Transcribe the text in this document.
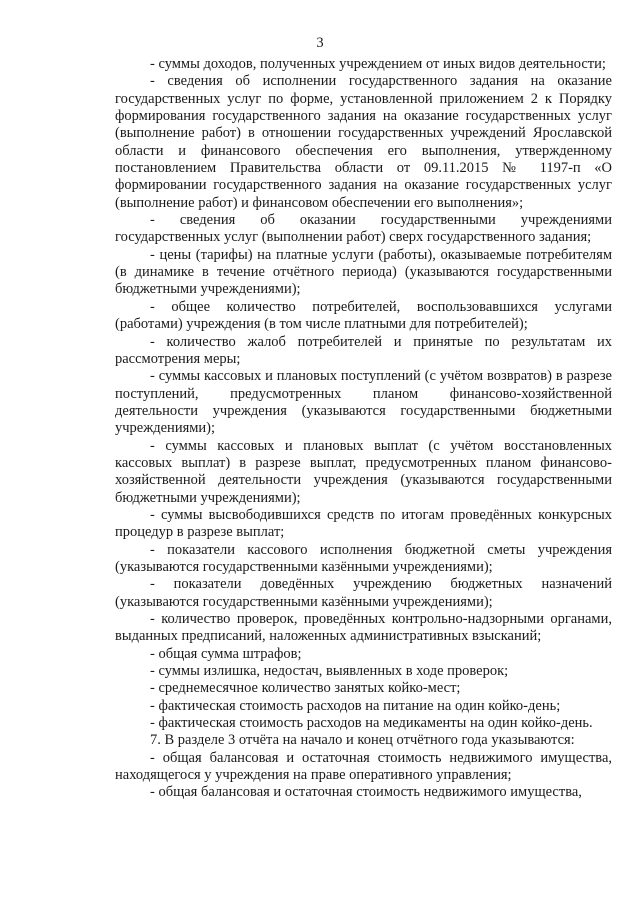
3

- суммы доходов, полученных учреждением от иных видов деятельности;

- сведения об исполнении государственного задания на оказание государственных услуг по форме, установленной приложением 2 к Порядку формирования государственного задания на оказание государственных услуг (выполнение работ) в отношении государственных учреждений Ярославской области и финансового обеспечения его выполнения, утвержденному постановлением Правительства области от 09.11.2015 № 1197-п «О формировании государственного задания на оказание государственных услуг (выполнение работ) и финансовом обеспечении его выполнения»;

- сведения об оказании государственными учреждениями государственных услуг (выполнении работ) сверх государственного задания;

- цены (тарифы) на платные услуги (работы), оказываемые потребителям (в динамике в течение отчётного периода) (указываются государственными бюджетными учреждениями);

- общее количество потребителей, воспользовавшихся услугами (работами) учреждения (в том числе платными для потребителей);

- количество жалоб потребителей и принятые по результатам их рассмотрения меры;

- суммы кассовых и плановых поступлений (с учётом возвратов) в разрезе поступлений, предусмотренных планом финансово-хозяйственной деятельности учреждения (указываются государственными бюджетными учреждениями);

- суммы кассовых и плановых выплат (с учётом восстановленных кассовых выплат) в разрезе выплат, предусмотренных планом финансово-хозяйственной деятельности учреждения (указываются государственными бюджетными учреждениями);

- суммы высвободившихся средств по итогам проведённых конкурсных процедур в разрезе выплат;

- показатели кассового исполнения бюджетной сметы учреждения (указываются государственными казёнными учреждениями);

- показатели доведённых учреждению бюджетных назначений (указываются государственными казёнными учреждениями);

- количество проверок, проведённых контрольно-надзорными органами, выданных предписаний, наложенных административных взысканий;

- общая сумма штрафов;

- суммы излишка, недостач, выявленных в ходе проверок;

- среднемесячное количество занятых койко-мест;

- фактическая стоимость расходов на питание на один койко-день;

- фактическая стоимость расходов на медикаменты на один койко-день.

7. В разделе 3 отчёта на начало и конец отчётного года указываются:

- общая балансовая и остаточная стоимость недвижимого имущества, находящегося у учреждения на праве оперативного управления;

- общая балансовая и остаточная стоимость недвижимого имущества,
